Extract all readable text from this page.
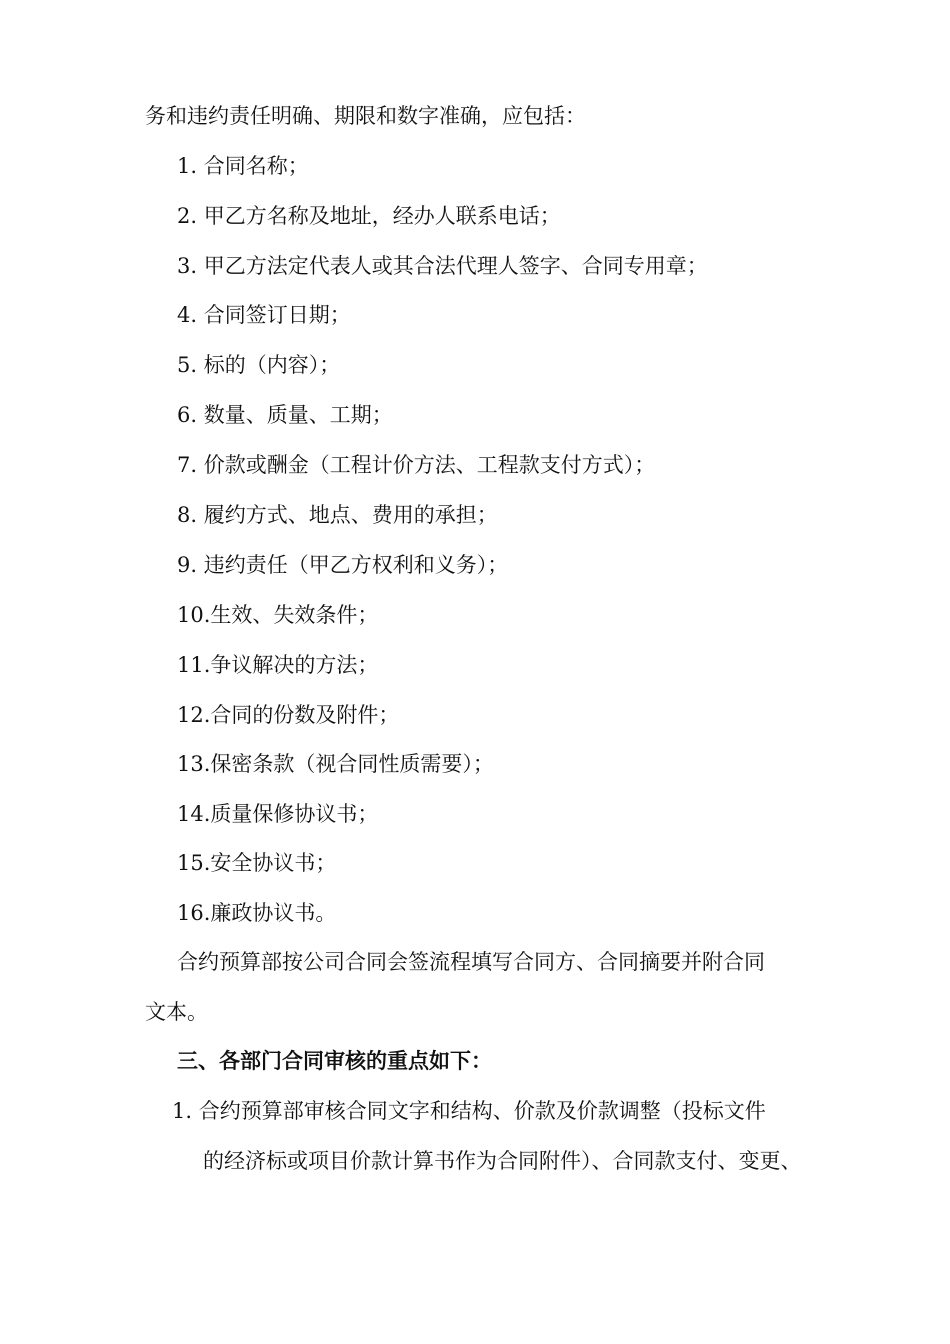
务和违约责任明确、期限和数字准确，应包括：
1. 合同名称；
2. 甲乙方名称及地址，经办人联系电话；
3. 甲乙方法定代表人或其合法代理人签字、合同专用章；
4. 合同签订日期；
5. 标的（内容）；
6. 数量、质量、工期；
7. 价款或酬金（工程计价方法、工程款支付方式）；
8. 履约方式、地点、费用的承担；
9. 违约责任（甲乙方权利和义务）；
10.生效、失效条件；
11.争议解决的方法；
12.合同的份数及附件；
13.保密条款（视合同性质需要）；
14.质量保修协议书；
15.安全协议书；
16.廉政协议书。
合约预算部按公司合同会签流程填写合同方、合同摘要并附合同
文本。
三、各部门合同审核的重点如下：
1. 合约预算部审核合同文字和结构、价款及价款调整（投标文件
的经济标或项目价款计算书作为合同附件）、合同款支付、变更、
